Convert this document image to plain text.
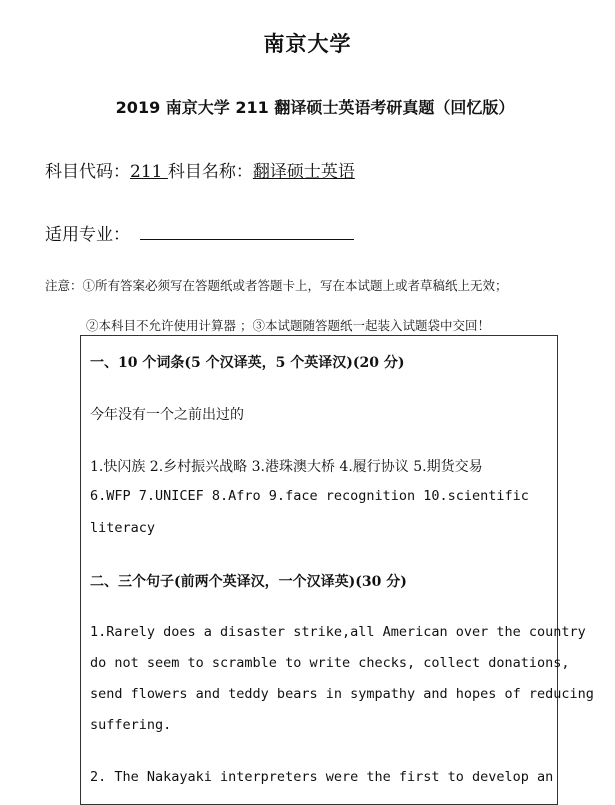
南京大学
2019 南京大学 211 翻译硕士英语考研真题（回忆版）
科目代码：211 科目名称：翻译硕士英语
适用专业：
注意：①所有答案必须写在答题纸或者答题卡上，写在本试题上或者草稿纸上无效；
②本科目不允许使用计算器 ；③本试题随答题纸一起装入试题袋中交回！
一、10 个词条(5 个汉译英，5 个英译汉)(20 分)
今年没有一个之前出过的
1.快闪族 2.乡村振兴战略 3.港珠澳大桥 4.履行协议 5.期货交易
6.WFP 7.UNICEF 8.Afro 9.face recognition 10.scientific
literacy
二、三个句子(前两个英译汉，一个汉译英)(30 分)
1.Rarely does a disaster strike,all American over the country
do not seem to scramble to write checks, collect donations,
send flowers and teddy bears in sympathy and hopes of reducing
suffering.
2. The Nakayaki interpreters were the first to develop an
